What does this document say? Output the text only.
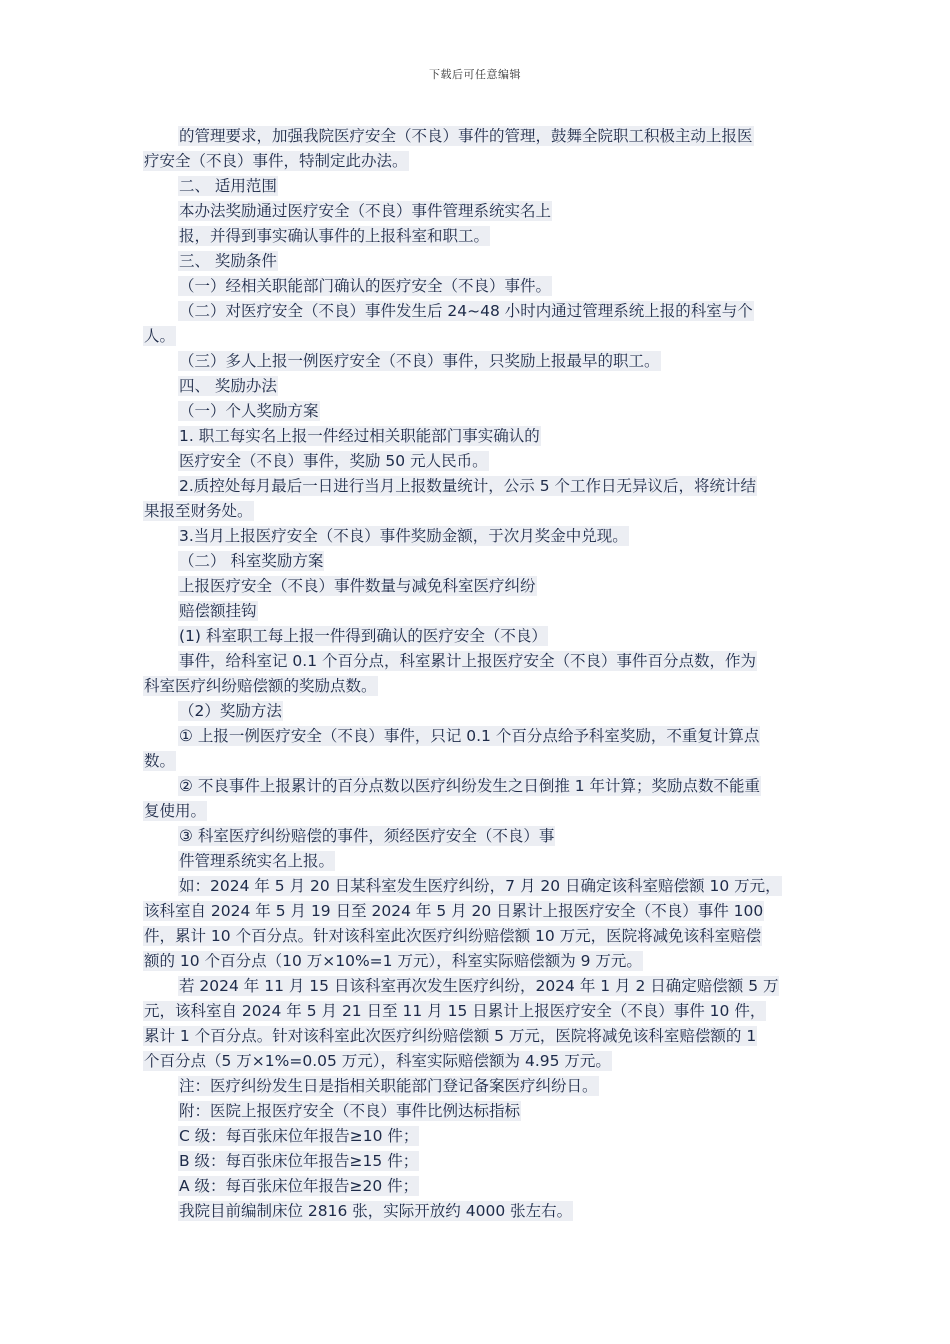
下载后可任意编辑
的管理要求，加强我院医疗安全（不良）事件的管理，鼓舞全院职工积极主动上报医
疗安全（不良）事件，特制定此办法。
二、 适用范围
本办法奖励通过医疗安全（不良）事件管理系统实名上
报，并得到事实确认事件的上报科室和职工。
三、 奖励条件
（一）经相关职能部门确认的医疗安全（不良）事件。
（二）对医疗安全（不良）事件发生后 24~48 小时内通过管理系统上报的科室与个
人。
（三）多人上报一例医疗安全（不良）事件，只奖励上报最早的职工。
四、 奖励办法
（一）个人奖励方案
1. 职工每实名上报一件经过相关职能部门事实确认的
医疗安全（不良）事件，奖励 50 元人民币。
2.质控处每月最后一日进行当月上报数量统计，公示 5 个工作日无异议后，将统计结
果报至财务处。
3.当月上报医疗安全（不良）事件奖励金额，于次月奖金中兑现。
（二） 科室奖励方案
上报医疗安全（不良）事件数量与减免科室医疗纠纷
赔偿额挂钩
(1) 科室职工每上报一件得到确认的医疗安全（不良）
事件，给科室记 0.1 个百分点，科室累计上报医疗安全（不良）事件百分点数，作为
科室医疗纠纷赔偿额的奖励点数。
（2）奖励方法
① 上报一例医疗安全（不良）事件，只记 0.1 个百分点给予科室奖励，不重复计算点
数。
② 不良事件上报累计的百分点数以医疗纠纷发生之日倒推 1 年计算；奖励点数不能重
复使用。
③ 科室医疗纠纷赔偿的事件，须经医疗安全（不良）事
件管理系统实名上报。
如：2024 年 5 月 20 日某科室发生医疗纠纷，7 月 20 日确定该科室赔偿额 10 万元，
该科室自 2024 年 5 月 19 日至 2024 年 5 月 20 日累计上报医疗安全（不良）事件 100
件，累计 10 个百分点。针对该科室此次医疗纠纷赔偿额 10 万元，医院将减免该科室赔偿
额的 10 个百分点（10 万×10%=1 万元），科室实际赔偿额为 9 万元。
若 2024 年 11 月 15 日该科室再次发生医疗纠纷，2024 年 1 月 2 日确定赔偿额 5 万
元，该科室自 2024 年 5 月 21 日至 11 月 15 日累计上报医疗安全（不良）事件 10 件，
累计 1 个百分点。针对该科室此次医疗纠纷赔偿额 5 万元，医院将减免该科室赔偿额的 1
个百分点（5 万×1%=0.05 万元），科室实际赔偿额为 4.95 万元。
注：医疗纠纷发生日是指相关职能部门登记备案医疗纠纷日。
附：医院上报医疗安全（不良）事件比例达标指标
C 级：每百张床位年报告≥10 件；
B 级：每百张床位年报告≥15 件；
A 级：每百张床位年报告≥20 件；
我院目前编制床位 2816 张，实际开放约 4000 张左右。
